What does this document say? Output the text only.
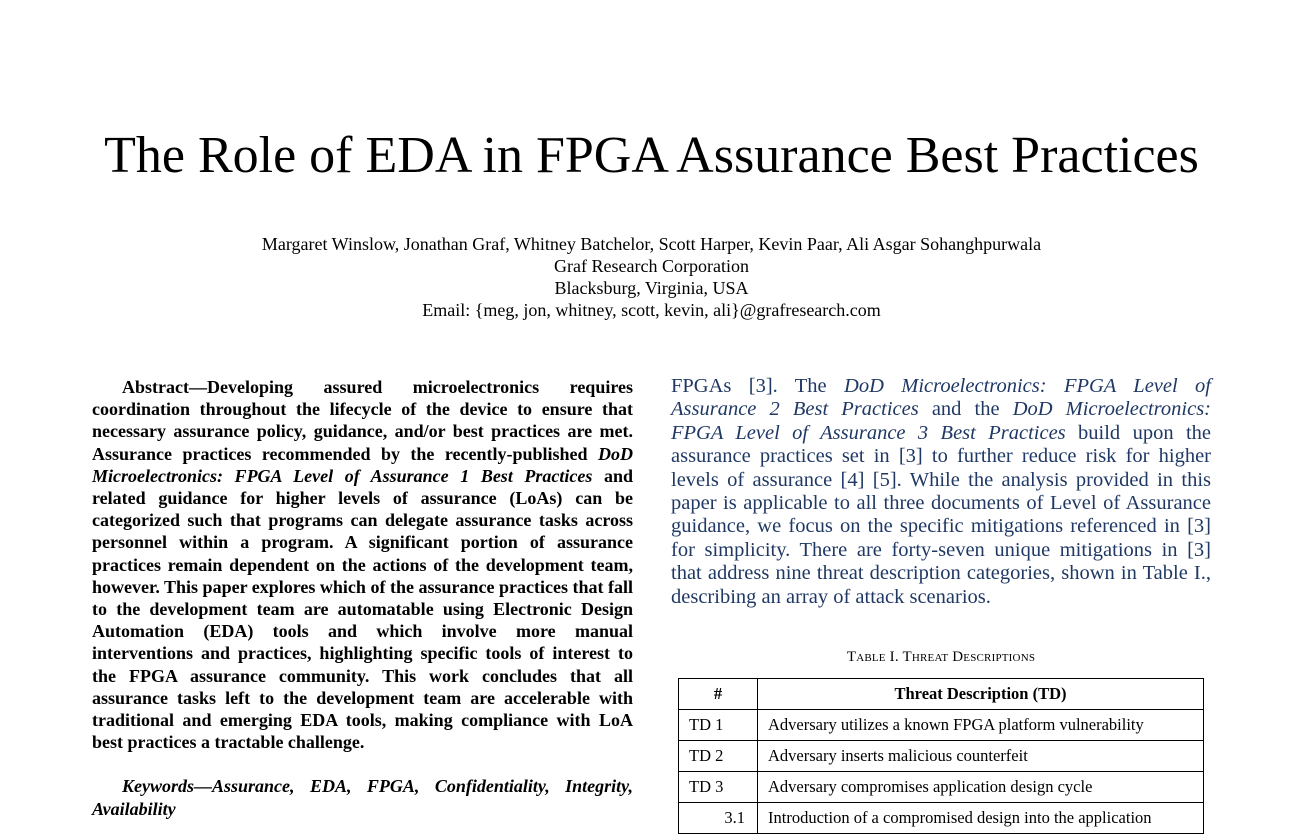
The Role of EDA in FPGA Assurance Best Practices
Margaret Winslow, Jonathan Graf, Whitney Batchelor, Scott Harper, Kevin Paar, Ali Asgar Sohanghpurwala
Graf Research Corporation
Blacksburg, Virginia, USA
Email: {meg, jon, whitney, scott, kevin, ali}@grafresearch.com

Abstract—Developing assured microelectronics requires coordination throughout the lifecycle of the device to ensure that necessary assurance policy, guidance, and/or best practices are met. Assurance practices recommended by the recently-published DoD Microelectronics: FPGA Level of Assurance 1 Best Practices and related guidance for higher levels of assurance (LoAs) can be categorized such that programs can delegate assurance tasks across personnel within a program. A significant portion of assurance practices remain dependent on the actions of the development team, however. This paper explores which of the assurance practices that fall to the development team are automatable using Electronic Design Automation (EDA) tools and which involve more manual interventions and practices, highlighting specific tools of interest to the FPGA assurance community. This work concludes that all assurance tasks left to the development team are accelerable with traditional and emerging EDA tools, making compliance with LoA best practices a tractable challenge.

Keywords—Assurance, EDA, FPGA, Confidentiality, Integrity, Availability

FPGAs [3]. The DoD Microelectronics: FPGA Level of Assurance 2 Best Practices and the DoD Microelectronics: FPGA Level of Assurance 3 Best Practices build upon the assurance practices set in [3] to further reduce risk for higher levels of assurance [4] [5]. While the analysis provided in this paper is applicable to all three documents of Level of Assurance guidance, we focus on the specific mitigations referenced in [3] for simplicity. There are forty-seven unique mitigations in [3] that address nine threat description categories, shown in Table I., describing an array of attack scenarios.

Table I. Threat Descriptions
#	Threat Description (TD)
TD 1	Adversary utilizes a known FPGA platform vulnerability
TD 2	Adversary inserts malicious counterfeit
TD 3	Adversary compromises application design cycle
3.1	Introduction of a compromised design into the application
